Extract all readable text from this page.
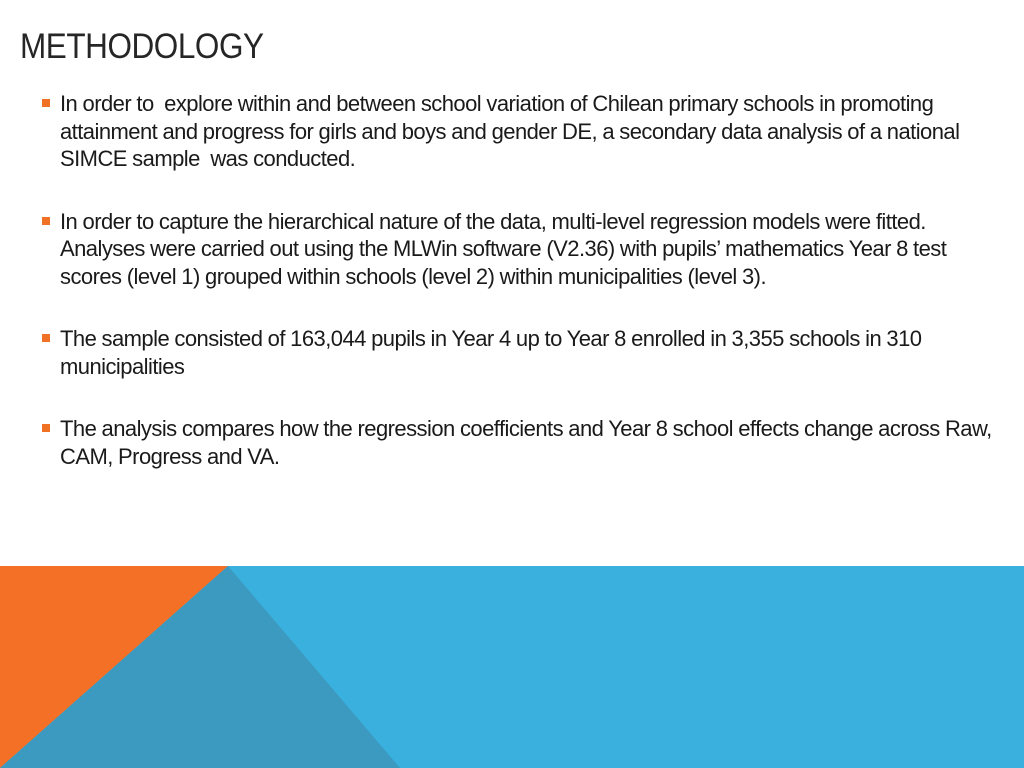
METHODOLOGY
In order to  explore within and between school variation of Chilean primary schools in promoting attainment and progress for girls and boys and gender DE, a secondary data analysis of a national SIMCE sample  was conducted.
In order to capture the hierarchical nature of the data, multi-level regression models were fitted. Analyses were carried out using the MLWin software (V2.36) with pupils’ mathematics Year 8 test scores (level 1) grouped within schools (level 2) within municipalities (level 3).
The sample consisted of 163,044 pupils in Year 4 up to Year 8 enrolled in 3,355 schools in 310 municipalities
The analysis compares how the regression coefficients and Year 8 school effects change across Raw, CAM, Progress and VA.
